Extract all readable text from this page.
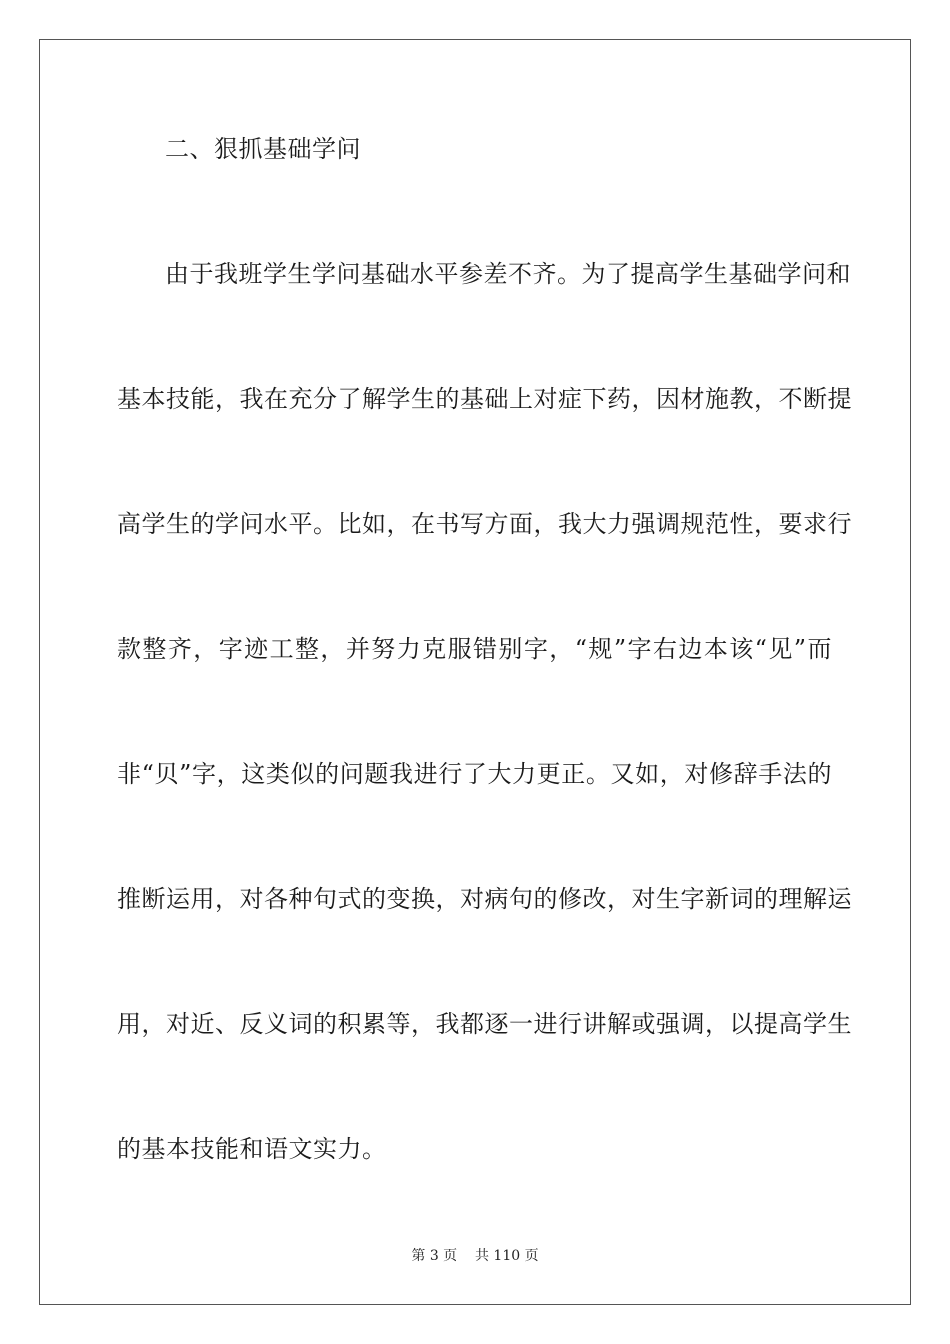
二、狠抓基础学问

由于我班学生学问基础水平参差不齐。为了提高学生基础学问和

基本技能，我在充分了解学生的基础上对症下药，因材施教，不断提

高学生的学问水平。比如，在书写方面，我大力强调规范性，要求行

款整齐，字迹工整，并努力克服错别字，“规”字右边本该“见”而

非“贝”字，这类似的问题我进行了大力更正。又如，对修辞手法的

推断运用，对各种句式的变换，对病句的修改，对生字新词的理解运

用，对近、反义词的积累等，我都逐一进行讲解或强调，以提高学生

的基本技能和语文实力。

第 3 页    共 110 页
